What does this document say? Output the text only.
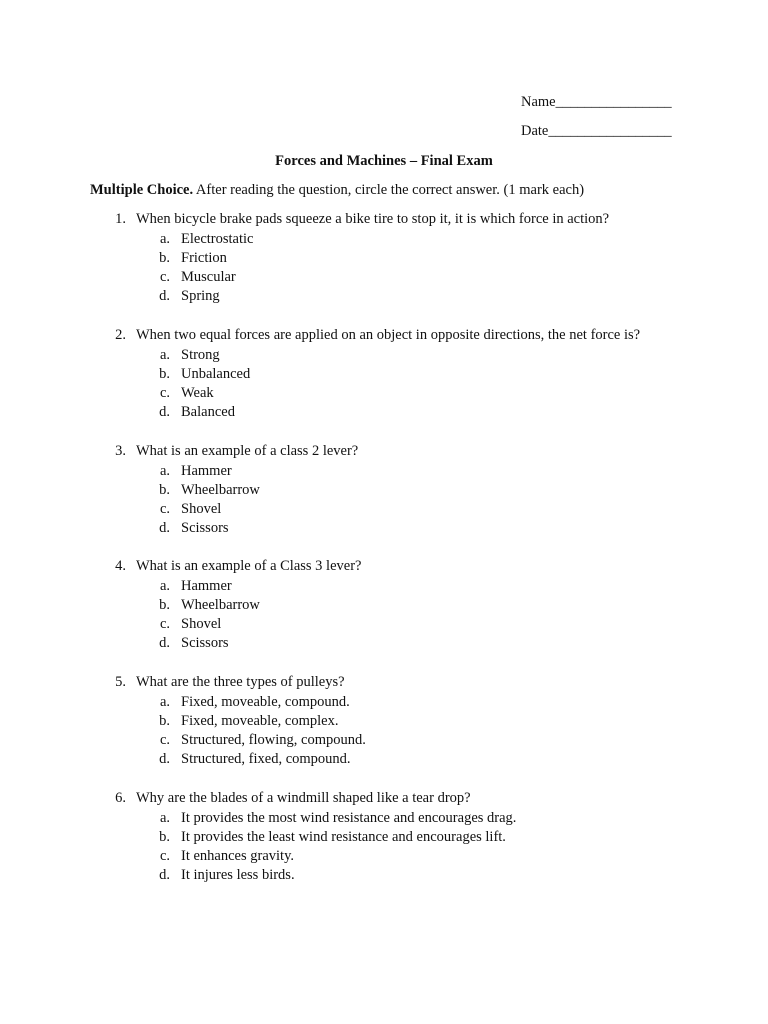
Name________________
Date_________________
Forces and Machines – Final Exam
Multiple Choice. After reading the question, circle the correct answer. (1 mark each)
1. When bicycle brake pads squeeze a bike tire to stop it, it is which force in action?
a. Electrostatic
b. Friction
c. Muscular
d. Spring
2. When two equal forces are applied on an object in opposite directions, the net force is?
a. Strong
b. Unbalanced
c. Weak
d. Balanced
3. What is an example of a class 2 lever?
a. Hammer
b. Wheelbarrow
c. Shovel
d. Scissors
4. What is an example of a Class 3 lever?
a. Hammer
b. Wheelbarrow
c. Shovel
d. Scissors
5. What are the three types of pulleys?
a. Fixed, moveable, compound.
b. Fixed, moveable, complex.
c. Structured, flowing, compound.
d. Structured, fixed, compound.
6. Why are the blades of a windmill shaped like a tear drop?
a. It provides the most wind resistance and encourages drag.
b. It provides the least wind resistance and encourages lift.
c. It enhances gravity.
d. It injures less birds.
